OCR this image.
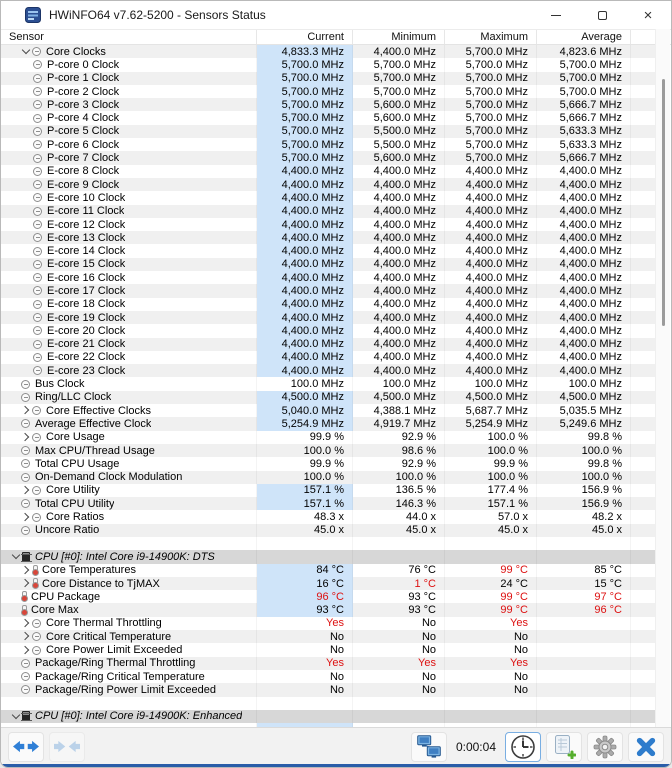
HWiNFO64 v7.62-5200 - Sensors Status	×
Sensor	Current	Minimum	Maximum	Average
Core Clocks	4,833.3 MHz	4,400.0 MHz	5,700.0 MHz	4,823.6 MHz
P-core 0 Clock	5,700.0 MHz	5,700.0 MHz	5,700.0 MHz	5,700.0 MHz
P-core 1 Clock	5,700.0 MHz	5,700.0 MHz	5,700.0 MHz	5,700.0 MHz
P-core 2 Clock	5,700.0 MHz	5,700.0 MHz	5,700.0 MHz	5,700.0 MHz
P-core 3 Clock	5,700.0 MHz	5,600.0 MHz	5,700.0 MHz	5,666.7 MHz
P-core 4 Clock	5,700.0 MHz	5,600.0 MHz	5,700.0 MHz	5,666.7 MHz
P-core 5 Clock	5,700.0 MHz	5,500.0 MHz	5,700.0 MHz	5,633.3 MHz
P-core 6 Clock	5,700.0 MHz	5,500.0 MHz	5,700.0 MHz	5,633.3 MHz
P-core 7 Clock	5,700.0 MHz	5,600.0 MHz	5,700.0 MHz	5,666.7 MHz
E-core 8 Clock	4,400.0 MHz	4,400.0 MHz	4,400.0 MHz	4,400.0 MHz
E-core 9 Clock	4,400.0 MHz	4,400.0 MHz	4,400.0 MHz	4,400.0 MHz
E-core 10 Clock	4,400.0 MHz	4,400.0 MHz	4,400.0 MHz	4,400.0 MHz
E-core 11 Clock	4,400.0 MHz	4,400.0 MHz	4,400.0 MHz	4,400.0 MHz
E-core 12 Clock	4,400.0 MHz	4,400.0 MHz	4,400.0 MHz	4,400.0 MHz
E-core 13 Clock	4,400.0 MHz	4,400.0 MHz	4,400.0 MHz	4,400.0 MHz
E-core 14 Clock	4,400.0 MHz	4,400.0 MHz	4,400.0 MHz	4,400.0 MHz
E-core 15 Clock	4,400.0 MHz	4,400.0 MHz	4,400.0 MHz	4,400.0 MHz
E-core 16 Clock	4,400.0 MHz	4,400.0 MHz	4,400.0 MHz	4,400.0 MHz
E-core 17 Clock	4,400.0 MHz	4,400.0 MHz	4,400.0 MHz	4,400.0 MHz
E-core 18 Clock	4,400.0 MHz	4,400.0 MHz	4,400.0 MHz	4,400.0 MHz
E-core 19 Clock	4,400.0 MHz	4,400.0 MHz	4,400.0 MHz	4,400.0 MHz
E-core 20 Clock	4,400.0 MHz	4,400.0 MHz	4,400.0 MHz	4,400.0 MHz
E-core 21 Clock	4,400.0 MHz	4,400.0 MHz	4,400.0 MHz	4,400.0 MHz
E-core 22 Clock	4,400.0 MHz	4,400.0 MHz	4,400.0 MHz	4,400.0 MHz
E-core 23 Clock	4,400.0 MHz	4,400.0 MHz	4,400.0 MHz	4,400.0 MHz
Bus Clock	100.0 MHz	100.0 MHz	100.0 MHz	100.0 MHz
Ring/LLC Clock	4,500.0 MHz	4,500.0 MHz	4,500.0 MHz	4,500.0 MHz
Core Effective Clocks	5,040.0 MHz	4,388.1 MHz	5,687.7 MHz	5,035.5 MHz
Average Effective Clock	5,254.9 MHz	4,919.7 MHz	5,254.9 MHz	5,249.6 MHz
Core Usage	99.9 %	92.9 %	100.0 %	99.8 %
Max CPU/Thread Usage	100.0 %	98.6 %	100.0 %	100.0 %
Total CPU Usage	99.9 %	92.9 %	99.9 %	99.8 %
On-Demand Clock Modulation	100.0 %	100.0 %	100.0 %	100.0 %
Core Utility	157.1 %	136.5 %	177.4 %	156.9 %
Total CPU Utility	157.1 %	146.3 %	157.1 %	156.9 %
Core Ratios	48.3 x	44.0 x	57.0 x	48.2 x
Uncore Ratio	45.0 x	45.0 x	45.0 x	45.0 x
CPU [#0]: Intel Core i9-14900K: DTS
Core Temperatures	84 °C	76 °C	99 °C	85 °C
Core Distance to TjMAX	16 °C	1 °C	24 °C	15 °C
CPU Package	96 °C	93 °C	99 °C	97 °C
Core Max	93 °C	93 °C	99 °C	96 °C
Core Thermal Throttling	Yes	No	Yes
Core Critical Temperature	No	No	No
Core Power Limit Exceeded	No	No	No
Package/Ring Thermal Throttling	Yes	Yes	Yes
Package/Ring Critical Temperature	No	No	No
Package/Ring Power Limit Exceeded	No	No	No
CPU [#0]: Intel Core i9-14900K: Enhanced
0:00:04
